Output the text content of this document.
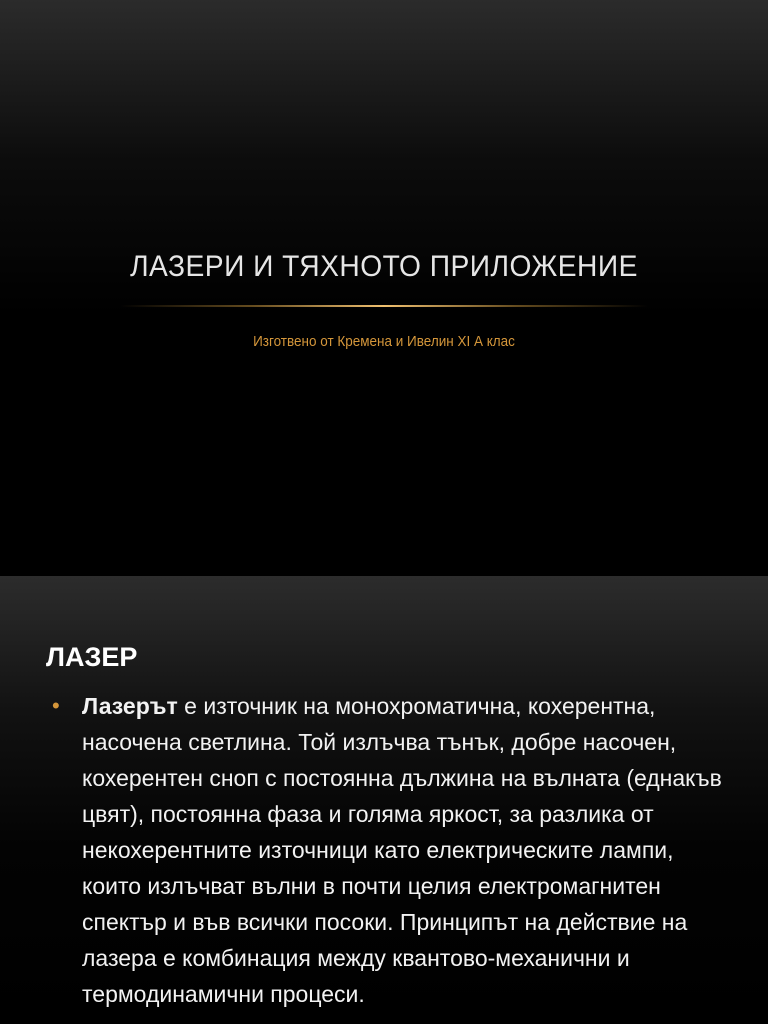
ЛАЗЕРИ И ТЯХНОТО ПРИЛОЖЕНИЕ

Изготвено от Кремена и Ивелин XI А клас

ЛАЗЕР
• Лазерът е източник на монохроматична, кохерентна, насочена светлина. Той излъчва тънък, добре насочен, кохерентен сноп с постоянна дължина на вълната (еднакъв цвят), постоянна фаза и голяма яркост, за разлика от некохерентните източници като електрическите лампи, които излъчват вълни в почти целия електромагнитен спектър и във всички посоки. Принципът на действие на лазера е комбинация между квантово-механични и термодинамични процеси.
